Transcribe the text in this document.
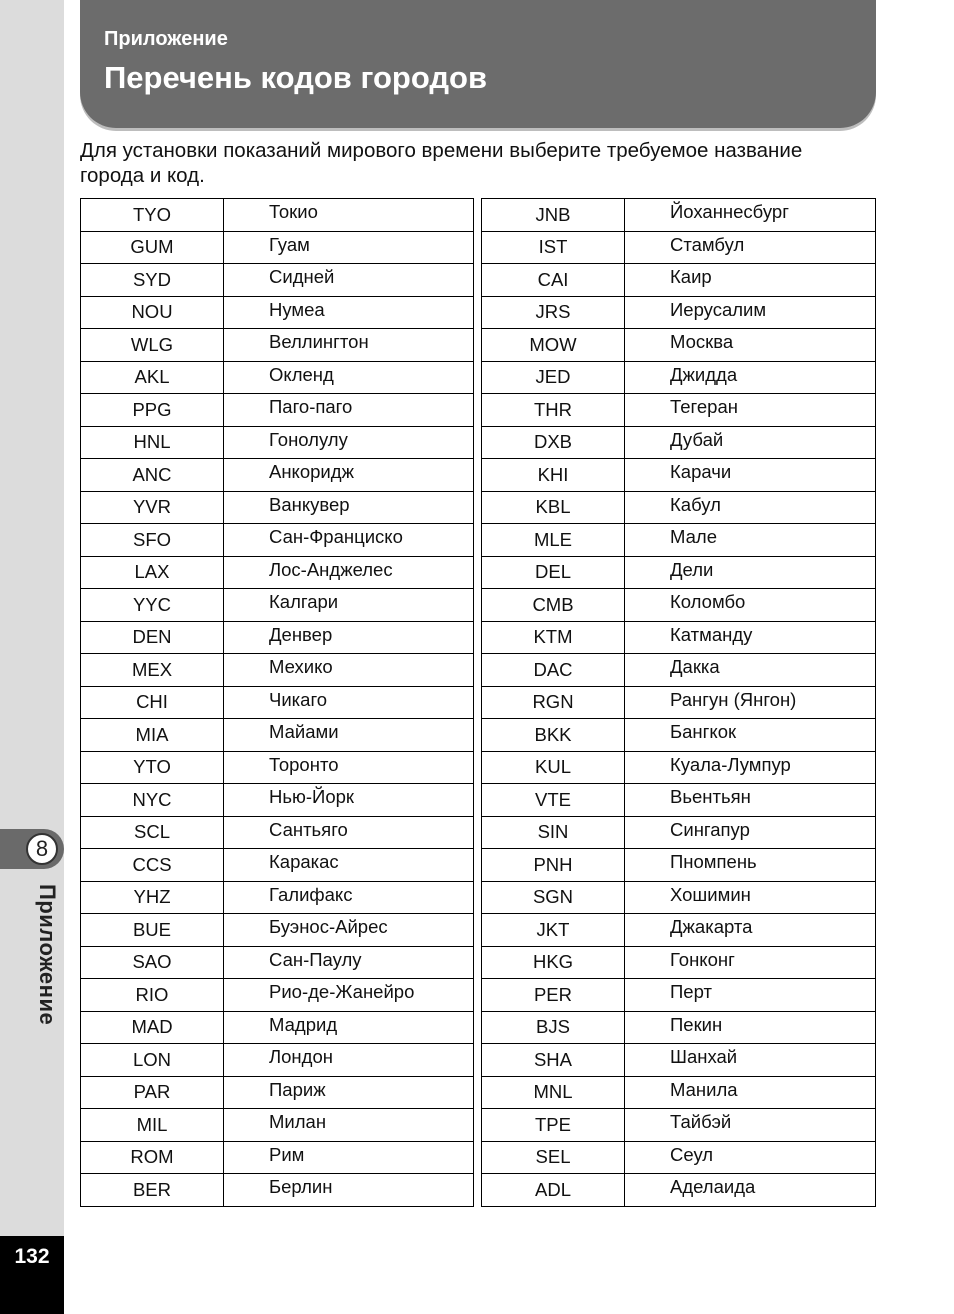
8
Приложение
132
Приложение
Перечень кодов городов
Для установки показаний мирового времени выберите требуемое название города и код.
TYO	Токио
GUM	Гуам
SYD	Сидней
NOU	Нумеа
WLG	Веллингтон
AKL	Окленд
PPG	Паго-паго
HNL	Гонолулу
ANC	Анкоридж
YVR	Ванкувер
SFO	Сан-Франциско
LAX	Лос-Анджелес
YYC	Калгари
DEN	Денвер
MEX	Мехико
CHI	Чикаго
MIA	Майами
YTO	Торонто
NYC	Нью-Йорк
SCL	Сантьяго
CCS	Каракас
YHZ	Галифакс
BUE	Буэнос-Айрес
SAO	Сан-Паулу
RIO	Рио-де-Жанейро
MAD	Мадрид
LON	Лондон
PAR	Париж
MIL	Милан
ROM	Рим
BER	Берлин
JNB	Йоханнесбург
IST	Стамбул
CAI	Каир
JRS	Иерусалим
MOW	Москва
JED	Джидда
THR	Тегеран
DXB	Дубай
KHI	Карачи
KBL	Кабул
MLE	Мале
DEL	Дели
CMB	Коломбо
KTM	Катманду
DAC	Дакка
RGN	Рангун (Янгон)
BKK	Бангкок
KUL	Куала-Лумпур
VTE	Вьентьян
SIN	Сингапур
PNH	Пномпень
SGN	Хошимин
JKT	Джакарта
HKG	Гонконг
PER	Перт
BJS	Пекин
SHA	Шанхай
MNL	Манила
TPE	Тайбэй
SEL	Сеул
ADL	Аделаида
